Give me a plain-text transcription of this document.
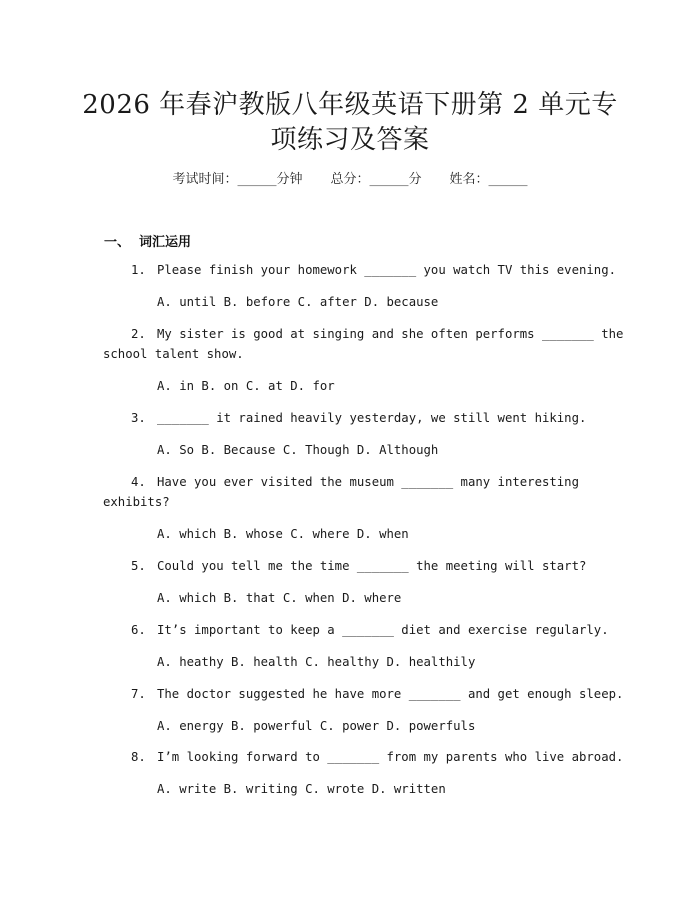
2026 年春沪教版八年级英语下册第 2 单元专
项练习及答案
考试时间：______分钟 总分：______分 姓名：______
一、  词汇运用
1. Please finish your homework _______ you watch TV this evening.
A. until B. before C. after D. because
2. My sister is good at singing and she often performs _______ the
school talent show.
A. in B. on C. at D. for
3. _______ it rained heavily yesterday, we still went hiking.
A. So B. Because C. Though D. Although
4. Have you ever visited the museum _______ many interesting
exhibits?
A. which B. whose C. where D. when
5. Could you tell me the time _______ the meeting will start?
A. which B. that C. when D. where
6. It’s important to keep a _______ diet and exercise regularly.
A. heathy B. health C. healthy D. healthily
7. The doctor suggested he have more _______ and get enough sleep.
A. energy B. powerful C. power D. powerfuls
8. I’m looking forward to _______ from my parents who live abroad.
A. write B. writing C. wrote D. written
